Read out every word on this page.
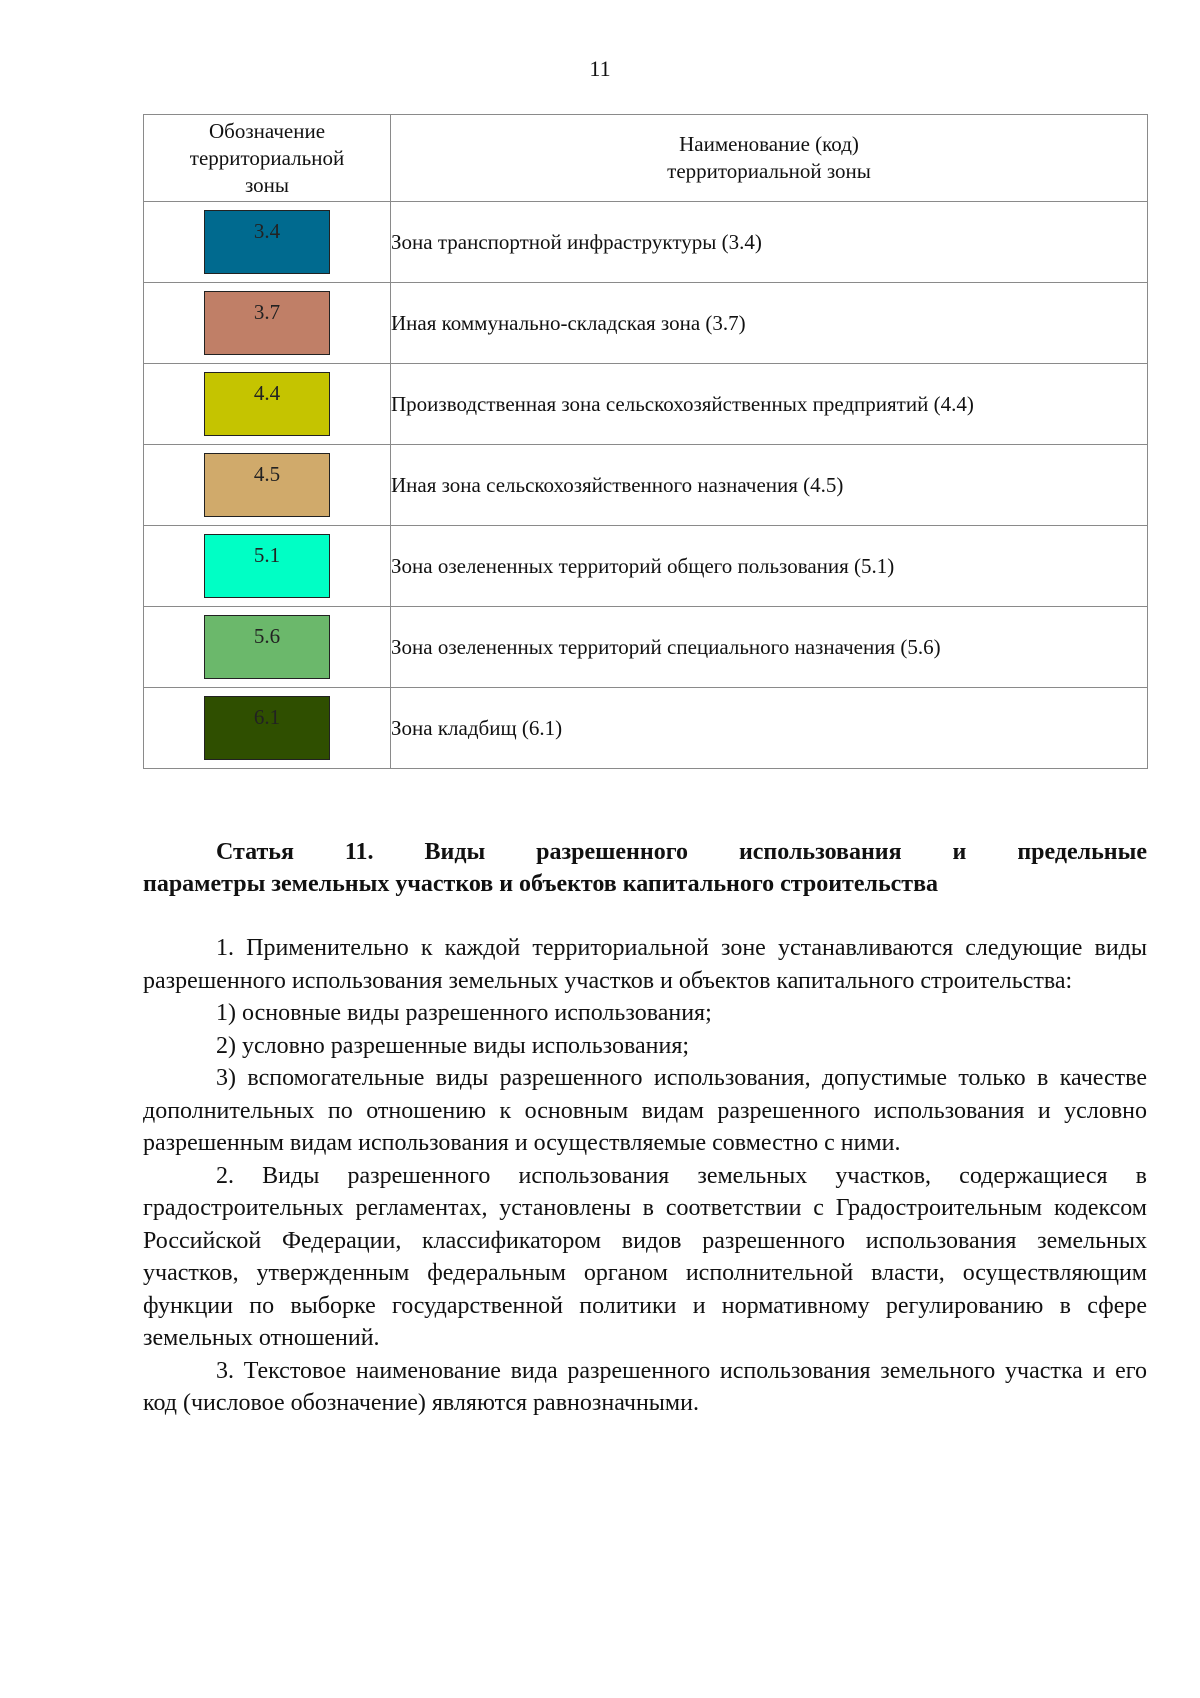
11
Обозначение территориальной зоны	Наименование (код)
территориальной зоны

3.4	Зона транспортной инфраструктуры (3.4)

3.7	Иная коммунально-складская зона (3.7)

4.4	Производственная зона сельскохозяйственных предприятий (4.4)

4.5	Иная зона сельскохозяйственного назначения (4.5)

5.1	Зона озелененных территорий общего пользования (5.1)

5.6	Зона озелененных территорий специального назначения (5.6)

6.1	Зона кладбищ (6.1)
Статья 11. Виды разрешенного использования и предельные
параметры земельных участков и объектов капитального строительства

1. Применительно к каждой территориальной зоне устанавливаются следующие виды разрешенного использования земельных участков и объектов капитального строительства:

1) основные виды разрешенного использования;

2) условно разрешенные виды использования;

3) вспомогательные виды разрешенного использования, допустимые только в качестве дополнительных по отношению к основным видам разрешенного использования и условно разрешенным видам использования и осуществляемые совместно с ними.

2. Виды разрешенного использования земельных участков, содержащиеся в градостроительных регламентах, установлены в соответствии с Градостроительным кодексом Российской Федерации, классификатором видов разрешенного использования земельных участков, утвержденным федеральным органом исполнительной власти, осуществляющим функции по выборке государственной политики и нормативному регулированию в сфере земельных отношений.

3. Текстовое наименование вида разрешенного использования земельного участка и его код (числовое обозначение) являются равнозначными.
